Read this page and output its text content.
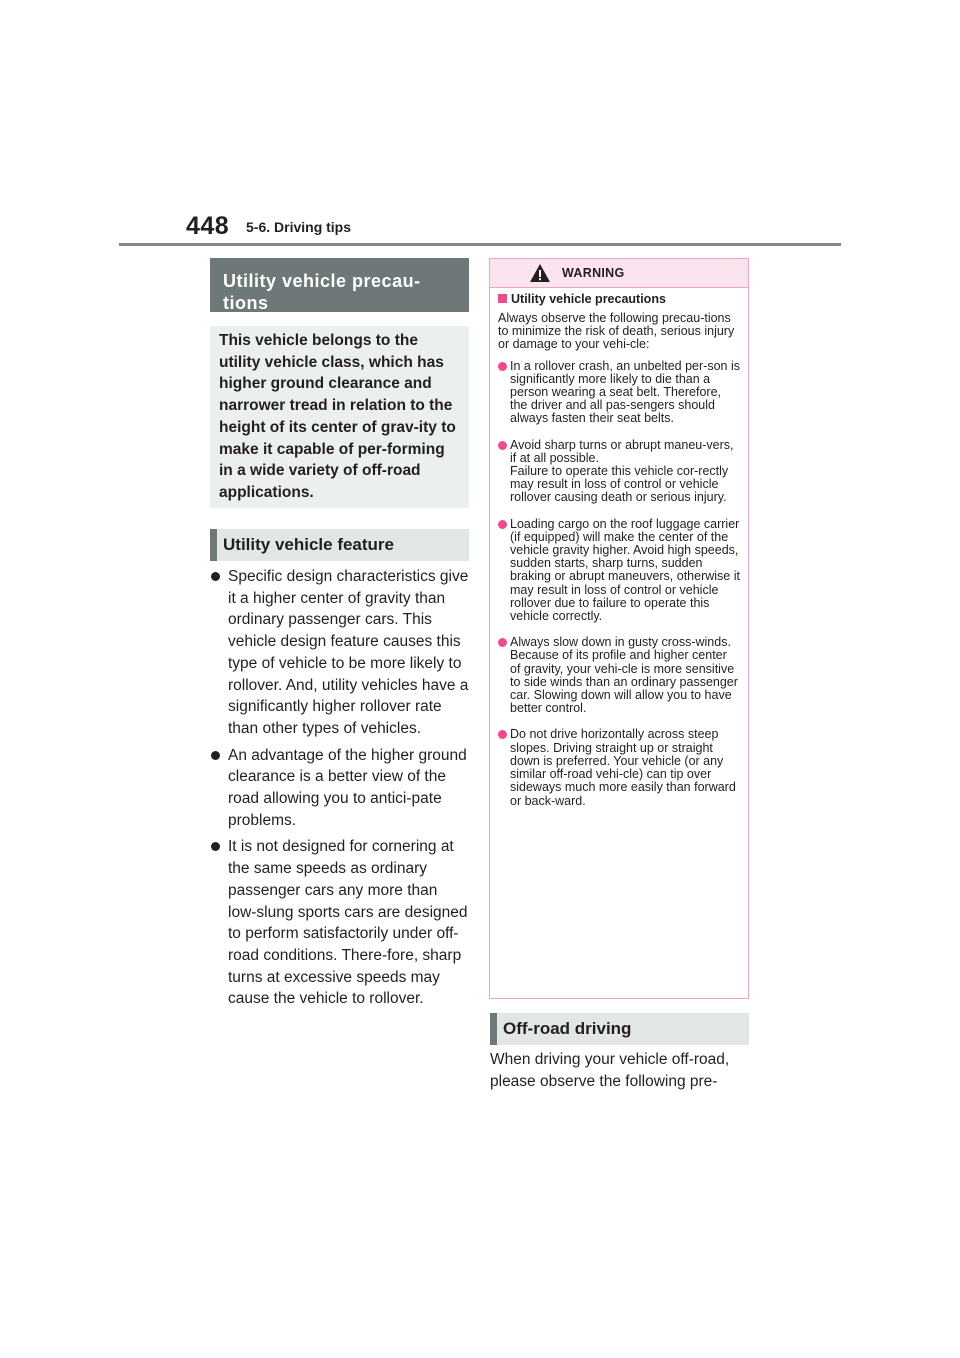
448 5-6. Driving tips
Utility vehicle precau-tions
This vehicle belongs to the utility vehicle class, which has higher ground clearance and narrower tread in relation to the height of its center of grav-ity to make it capable of per-forming in a wide variety of off-road applications.
Utility vehicle feature
Specific design characteristics give it a higher center of gravity than ordinary passenger cars. This vehicle design feature causes this type of vehicle to be more likely to rollover. And, utility vehicles have a significantly higher rollover rate than other types of vehicles.
An advantage of the higher ground clearance is a better view of the road allowing you to antici-pate problems.
It is not designed for cornering at the same speeds as ordinary passenger cars any more than low-slung sports cars are designed to perform satisfactorily under off-road conditions. There-fore, sharp turns at excessive speeds may cause the vehicle to rollover.
WARNING
Utility vehicle precautions
Always observe the following precau-tions to minimize the risk of death, serious injury or damage to your vehi-cle:
In a rollover crash, an unbelted per-son is significantly more likely to die than a person wearing a seat belt. Therefore, the driver and all pas-sengers should always fasten their seat belts.
Avoid sharp turns or abrupt maneu-vers, if at all possible.
Failure to operate this vehicle cor-rectly may result in loss of control or vehicle rollover causing death or serious injury.
Loading cargo on the roof luggage carrier (if equipped) will make the center of the vehicle gravity higher. Avoid high speeds, sudden starts, sharp turns, sudden braking or abrupt maneuvers, otherwise it may result in loss of control or vehicle rollover due to failure to operate this vehicle correctly.
Always slow down in gusty cross-winds. Because of its profile and higher center of gravity, your vehi-cle is more sensitive to side winds than an ordinary passenger car. Slowing down will allow you to have better control.
Do not drive horizontally across steep slopes. Driving straight up or straight down is preferred. Your vehicle (or any similar off-road vehi-cle) can tip over sideways much more easily than forward or back-ward.
Off-road driving
When driving your vehicle off-road, please observe the following pre-
